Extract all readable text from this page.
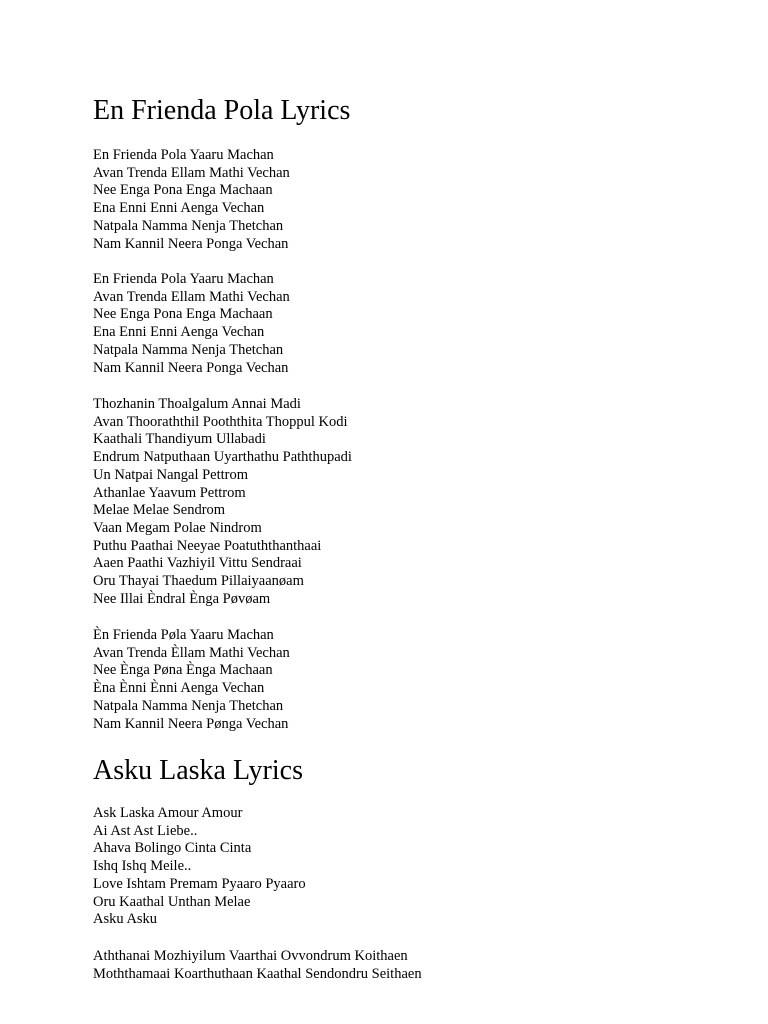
En Frienda Pola Lyrics
En Frienda Pola Yaaru Machan
Avan Trenda Ellam Mathi Vechan
Nee Enga Pona Enga Machaan
Ena Enni Enni Aenga Vechan
Natpala Namma Nenja Thetchan
Nam Kannil Neera Ponga Vechan
En Frienda Pola Yaaru Machan
Avan Trenda Ellam Mathi Vechan
Nee Enga Pona Enga Machaan
Ena Enni Enni Aenga Vechan
Natpala Namma Nenja Thetchan
Nam Kannil Neera Ponga Vechan
Thozhanin Thoalgalum Annai Madi
Avan Thooraththil Pooththita Thoppul Kodi
Kaathali Thandiyum Ullabadi
Endrum Natputhaan Uyarthathu Paththupadi
Un Natpai Nangal Pettrom
Athanlae Yaavum Pettrom
Melae Melae Sendrom
Vaan Megam Polae Nindrom
Puthu Paathai Neeyae Poatuththanthaai
Aaen Paathi Vazhiyil Vittu Sendraai
Oru Thayai Thaedum Pillaiyaanøam
Nee Illai Èndral Ènga Pøvøam
Èn Frienda Pøla Yaaru Machan
Avan Trenda Èllam Mathi Vechan
Nee Ènga Pøna Ènga Machaan
Èna Ènni Ènni Aenga Vechan
Natpala Namma Nenja Thetchan
Nam Kannil Neera Pønga Vechan
Asku Laska Lyrics
Ask Laska Amour Amour
Ai Ast Ast Liebe..
Ahava Bolingo Cinta Cinta
Ishq Ishq Meile..
Love Ishtam Premam Pyaaro Pyaaro
Oru Kaathal Unthan Melae
Asku Asku
Aththanai Mozhiyilum Vaarthai Ovvondrum Koithaen
Moththamaai Koarthuthaan Kaathal Sendondru Seithaen
